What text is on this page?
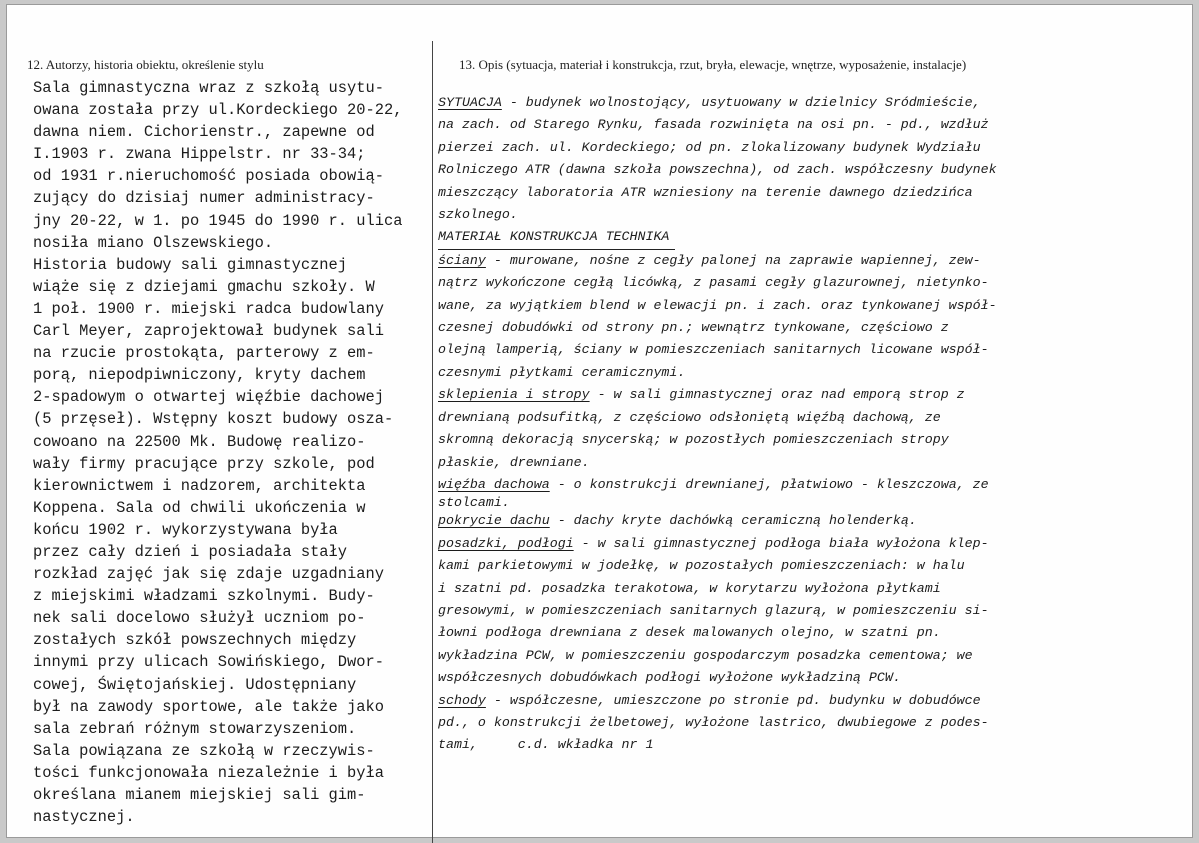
12. Autorzy, historia obiektu, określenie stylu	13. Opis (sytuacja, materiał i konstrukcja, rzut, bryła, elewacje, wnętrze, wyposażenie, instalacje)
Sala gimnastyczna wraz z szkołą usytu-
owana została przy ul.Kordeckiego 20-22,
dawna niem. Cichorienstr., zapewne od
I.1903 r. zwana Hippelstr. nr 33-34;
od 1931 r.nieruchomość posiada obowią-
zujący do dzisiaj numer administracy-
jny 20-22, w 1. po 1945 do 1990 r. ulica
nosiła miano Olszewskiego.
Historia budowy sali gimnastycznej
wiąże się z dziejami gmachu szkoły. W
1 poł. 1900 r. miejski radca budowlany
Carl Meyer, zaprojektował budynek sali
na rzucie prostokąta, parterowy z em-
porą, niepodpiwniczony, kryty dachem
2-spadowym o otwartej więźbie dachowej
(5 przęseł). Wstępny koszt budowy osza-
cowoano na 22500 Mk. Budowę realizo-
wały firmy pracujące przy szkole, pod
kierownictwem i nadzorem, architekta
Koppena. Sala od chwili ukończenia w
końcu 1902 r. wykorzystywana była
przez cały dzień i posiadała stały
rozkład zajęć jak się zdaje uzgadniany
z miejskimi władzami szkolnymi. Budy-
nek sali docelowo służył uczniom po-
zostałych szkół powszechnych między
innymi przy ulicach Sowińskiego, Dwor-
cowej, Świętojańskiej. Udostępniany
był na zawody sportowe, ale także jako
sala zebrań różnym stowarzyszeniom.
Sala powiązana ze szkołą w rzeczywis-
tości funkcjonowała niezależnie i była
określana mianem miejskiej sali gim-
nastycznej.
SYTUACJA - budynek wolnostojący, usytuowany w dzielnicy Sródmieście,
na zach. od Starego Rynku, fasada rozwinięta na osi pn. - pd., wzdłuż
pierzei zach. ul. Kordeckiego; od pn. zlokalizowany budynek Wydziału
Rolniczego ATR (dawna szkoła powszechna), od zach. współczesny budynek
mieszczący laboratoria ATR wzniesiony na terenie dawnego dziedzińca
szkolnego.
MATERIAŁ KONSTRUKCJA TECHNIKA
ściany - murowane, nośne z cegły palonej na zaprawie wapiennej, zew-
nątrz wykończone cegłą licówką, z pasami cegły glazurownej, nietynko-
wane, za wyjątkiem blend w elewacji pn. i zach. oraz tynkowanej współ-
czesnej dobudówki od strony pn.; wewnątrz tynkowane, częściowo z
olejną lamperią, ściany w pomieszczeniach sanitarnych licowane współ-
czesnymi płytkami ceramicznymi.
sklepienia i stropy - w sali gimnastycznej oraz nad emporą strop z
drewnianą podsufitką, z częściowo odsłoniętą więźbą dachową, ze
skromną dekoracją snycerską; w pozostłych pomieszczeniach stropy
płaskie, drewniane.
więźba dachowa - o konstrukcji drewnianej, płatwiowo - kleszczowa, ze
stolcami.
pokrycie dachu - dachy kryte dachówką ceramiczną holenderką.
posadzki, podłogi - w sali gimnastycznej podłoga biała wyłożona klep-
kami parkietowymi w jodełkę, w pozostałych pomieszczeniach: w halu
i szatni pd. posadzka terakotowa, w korytarzu wyłożona płytkami
gresowymi, w pomieszczeniach sanitarnych glazurą, w pomieszczeniu si-
łowni podłoga drewniana z desek malowanych olejno, w szatni pn.
wykładzina PCW, w pomieszczeniu gospodarczym posadzka cementowa; we
współczesnych dobudówkach podłogi wyłożone wykładziną PCW.
schody - współczesne, umieszczone po stronie pd. budynku w dobudówce
pd., o konstrukcji żelbetowej, wyłożone lastrico, dwubiegowe z podes-
tami,     c.d. wkładka nr 1
